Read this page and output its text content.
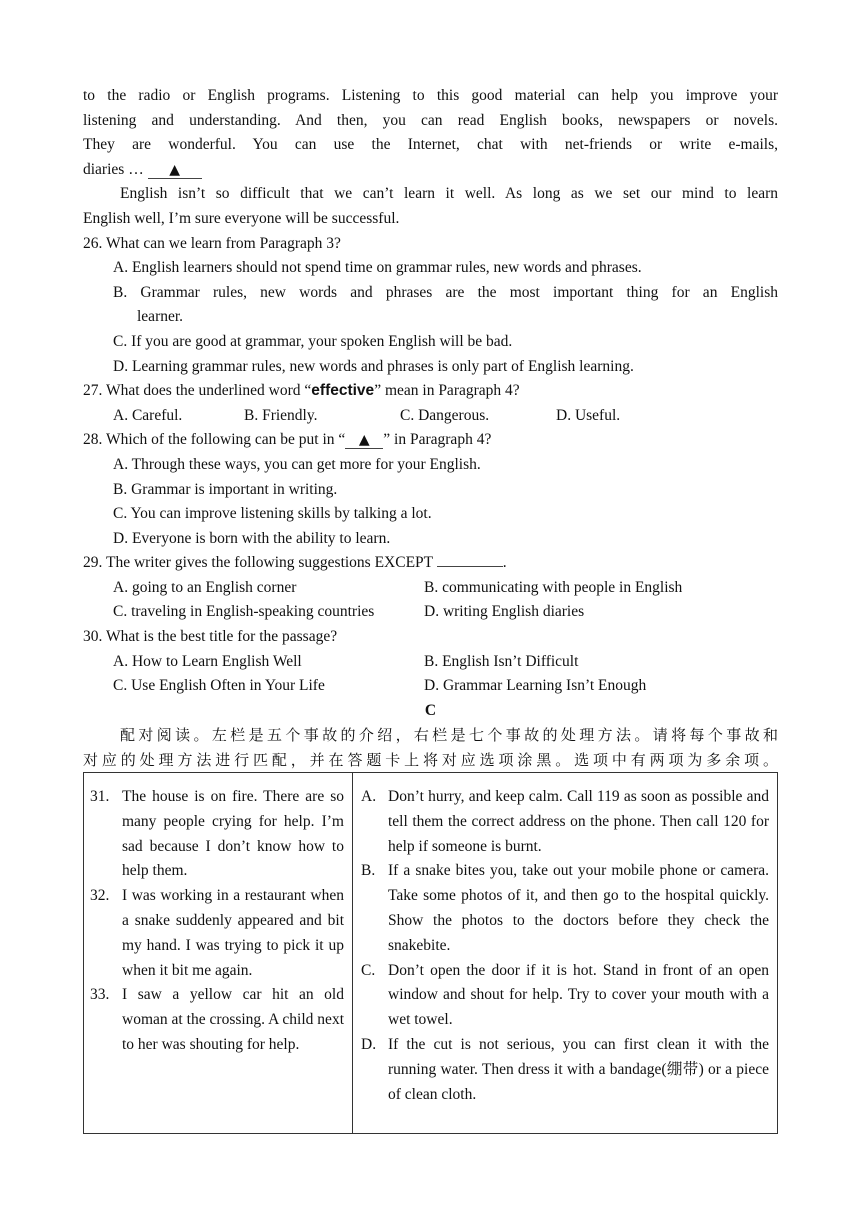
to the radio or English programs. Listening to this good material can help you improve your

listening and understanding. And then, you can read English books, newspapers or novels.

They are wonderful. You can use the Internet, chat with net-friends or write e-mails,

diaries … ▲

English isn’t so difficult that we can’t learn it well. As long as we set our mind to learn

English well, I’m sure everyone will be successful.

26. What can we learn from Paragraph 3?

A. English learners should not spend time on grammar rules, new words and phrases.

B. Grammar rules, new words and phrases are the most important thing for an English

learner.

C. If you are good at grammar, your spoken English will be bad.

D. Learning grammar rules, new words and phrases is only part of English learning.

27. What does the underlined word “effective” mean in Paragraph 4?

A. Careful.	B. Friendly.	C. Dangerous.	D. Useful.

28. Which of the following can be put in “ ▲ ” in Paragraph 4?

A. Through these ways, you can get more for your English.

B. Grammar is important in writing.

C. You can improve listening skills by talking a lot.

D. Everyone is born with the ability to learn.

29. The writer gives the following suggestions EXCEPT	.

A. going to an English corner	B. communicating with people in English
C. traveling in English-speaking countries	D. writing English diaries

30. What is the best title for the passage?

A. How to Learn English Well	B. English Isn’t Difficult
C. Use English Often in Your Life	D. Grammar Learning Isn’t Enough

C

配对阅读。左栏是五个事故的介绍，右栏是七个事故的处理方法。请将每个事故和

对应的处理方法进行匹配，并在答题卡上将对应选项涂黑。选项中有两项为多余项。

31. The house is on fire. There are so many people crying for help. I’m sad because I don’t know how to help them.
32. I was working in a restaurant when a snake suddenly appeared and bit my hand. I was trying to pick it up when it bit me again.
33. I saw a yellow car hit an old woman at the crossing. A child next to her was shouting for help.

A. Don’t hurry, and keep calm. Call 119 as soon as possible and tell them the correct address on the phone. Then call 120 for help if someone is burnt.
B. If a snake bites you, take out your mobile phone or camera. Take some photos of it, and then go to the hospital quickly. Show the photos to the doctors before they check the snakebite.
C. Don’t open the door if it is hot. Stand in front of an open window and shout for help. Try to cover your mouth with a wet towel.
D. If the cut is not serious, you can first clean it with the running water. Then dress it with a bandage(绷带) or a piece of clean cloth.
